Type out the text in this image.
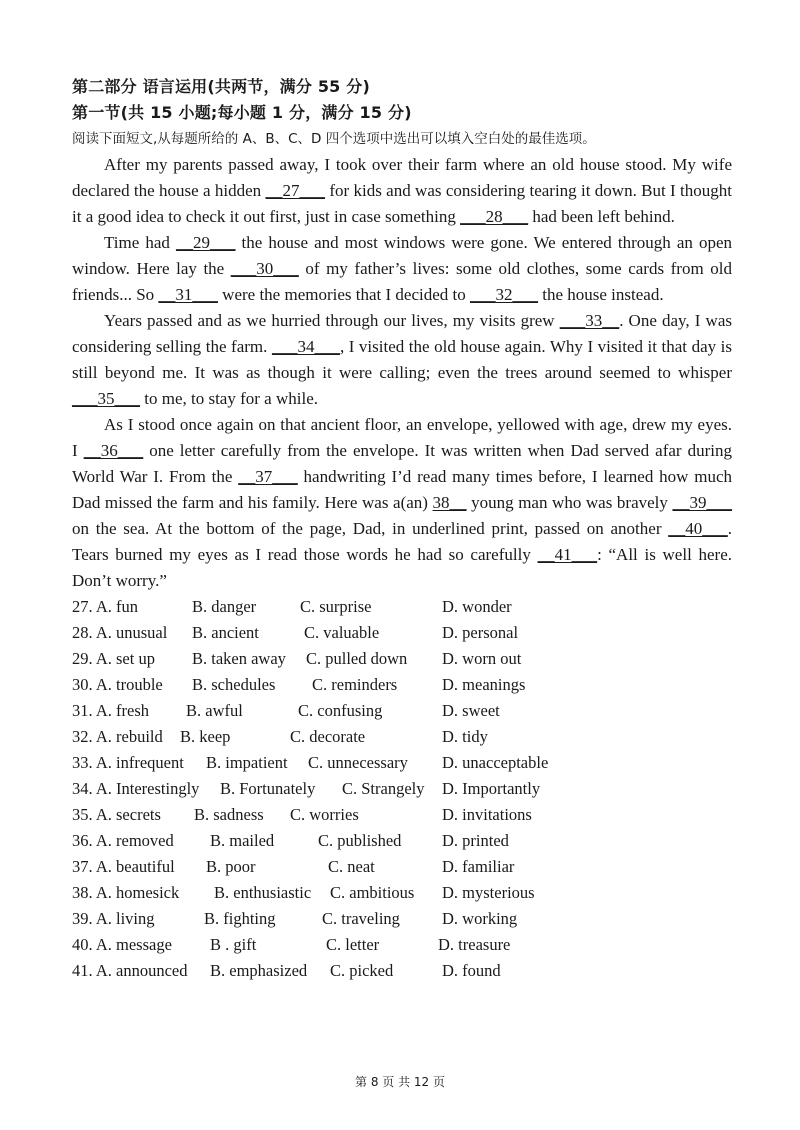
第二部分 语言运用(共两节，满分 55 分)
第一节(共 15 小题;每小题 1 分，满分 15 分)
阅读下面短文,从每题所给的 A、B、C、D 四个选项中选出可以填入空白处的最佳选项。

After my parents passed away, I took over their farm where an old house stood. My wife declared the house a hidden __27___ for kids and was considering tearing it down. But I thought it a good idea to check it out first, just in case something ___28___ had been left behind.

Time had __29___ the house and most windows were gone. We entered through an open window. Here lay the ___30___ of my father’s lives: some old clothes, some cards from old friends... So __31___ were the memories that I decided to ___32___ the house instead.

Years passed and as we hurried through our lives, my visits grew ___33__. One day, I was considering selling the farm. ___34___, I visited the old house again. Why I visited it that day is still beyond me. It was as though it were calling; even the trees around seemed to whisper ___35___ to me, to stay for a while.

As I stood once again on that ancient floor, an envelope, yellowed with age, drew my eyes. I __36___ one letter carefully from the envelope. It was written when Dad served afar during World War I. From the __37___ handwriting I’d read many times before, I learned how much Dad missed the farm and his family. Here was a(an) 38__ young man who was bravely __39___ on the sea. At the bottom of the page, Dad, in underlined print, passed on another __40___. Tears burned my eyes as I read those words he had so carefully __41___: “All is well here. Don’t worry.”

27. A. fun	B. danger	C. surprise	D. wonder
28. A. unusual B. ancient	C. valuable	D. personal
29. A. set up B. taken away C. pulled down D. worn out
30. A. trouble B. schedules C. reminders	D. meanings
31. A. fresh B. awful	C. confusing	D. sweet
32. A. rebuild B. keep	C. decorate	D. tidy
33. A. infrequent B. impatient C. unnecessary D. unacceptable
34. A. Interestingly B. Fortunately C. Strangely D. Importantly
35. A. secrets B. sadness C. worries	D. invitations
36. A. removed B. mailed	C. published D. printed
37. A. beautiful B. poor	C. neat	D. familiar
38. A. homesick B. enthusiastic C. ambitious D. mysterious
39. A. living	B. fighting	C. traveling	D. working
40. A. message B . gift	C. letter	D. treasure
41. A. announced B. emphasized C. picked	D. found
第 8 页 共 12 页
